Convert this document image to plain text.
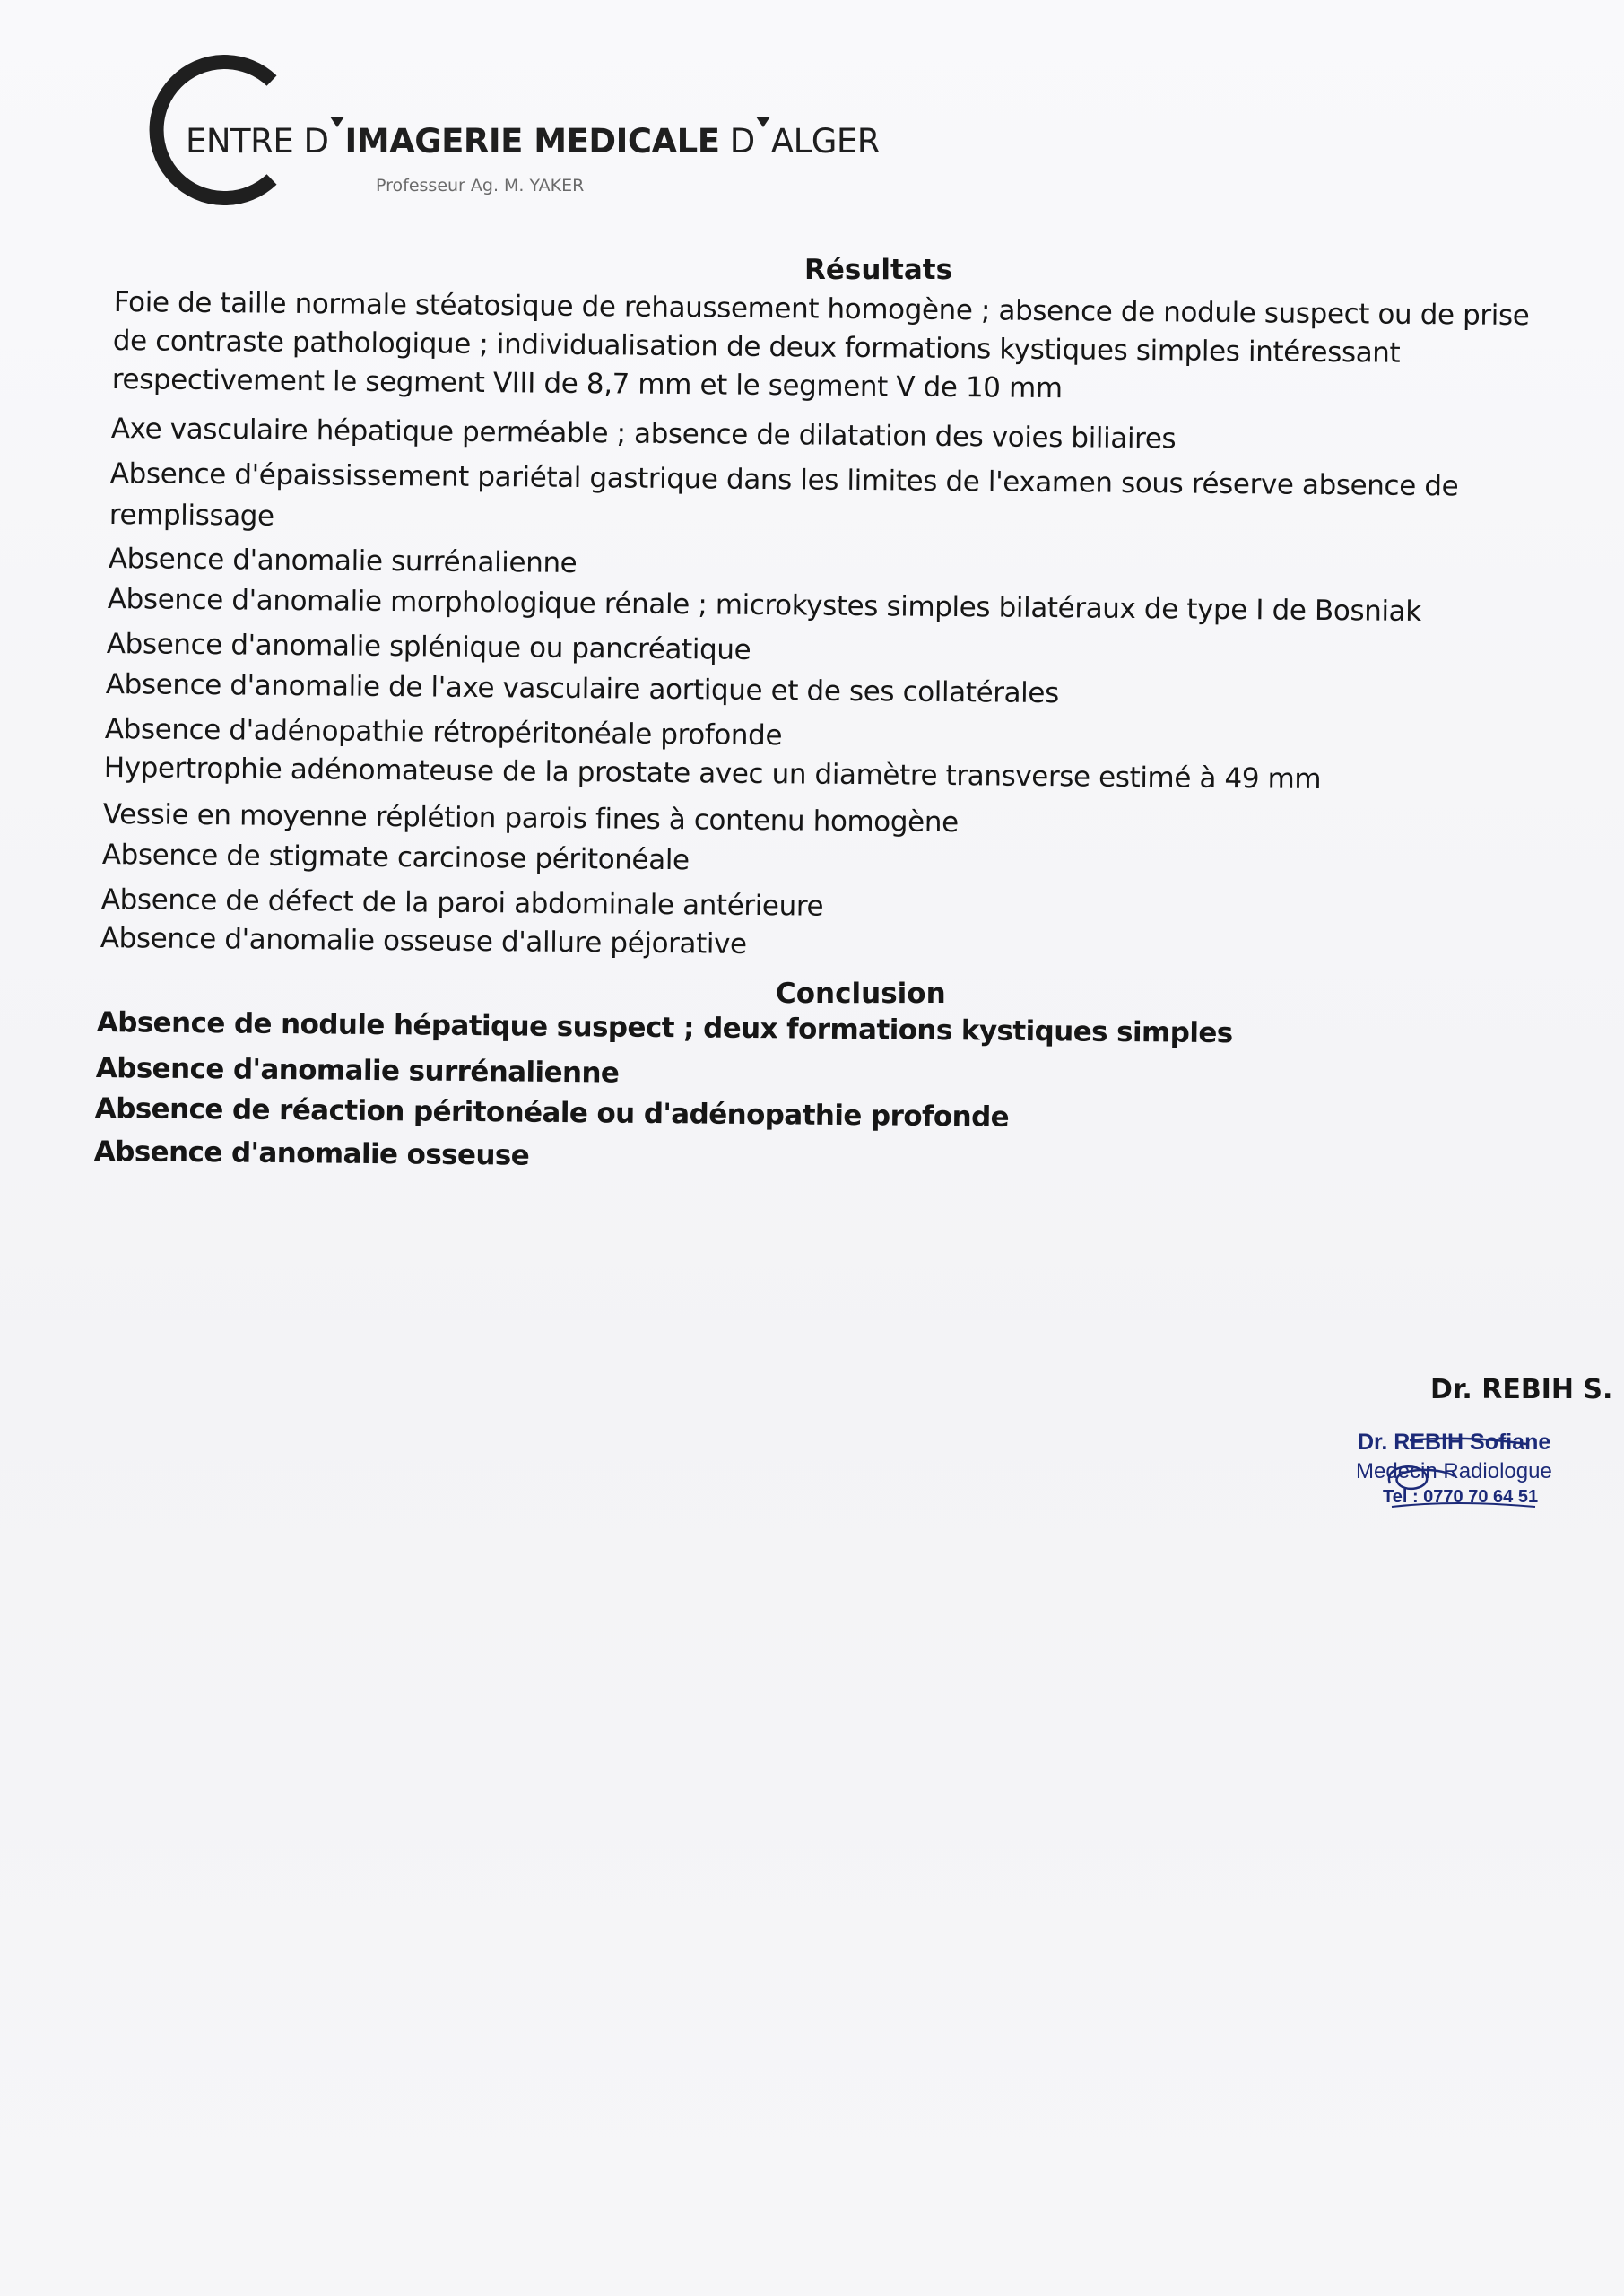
ENTRE D IMAGERIE MEDICALE D ALGER
Professeur Ag. M. YAKER
Résultats
Foie de taille normale stéatosique de rehaussement homogène ; absence de nodule suspect ou de prise
de contraste pathologique ; individualisation de deux formations kystiques simples intéressant
respectivement le segment VIII de 8,7 mm et le segment V de 10 mm
Axe vasculaire hépatique perméable ; absence de dilatation des voies biliaires
Absence d'épaississement pariétal gastrique dans les limites de l'examen sous réserve absence de
remplissage
Absence d'anomalie surrénalienne
Absence d'anomalie morphologique rénale ; microkystes simples bilatéraux de type I de Bosniak
Absence d'anomalie splénique ou pancréatique
Absence d'anomalie de l'axe vasculaire aortique et de ses collatérales
Absence d'adénopathie rétropéritonéale profonde
Hypertrophie adénomateuse de la prostate avec un diamètre transverse estimé à 49 mm
Vessie en moyenne réplétion parois fines à contenu homogène
Absence de stigmate carcinose péritonéale
Absence de défect de la paroi abdominale antérieure
Absence d'anomalie osseuse d'allure péjorative
Conclusion
Absence de nodule hépatique suspect ; deux formations kystiques simples
Absence d'anomalie surrénalienne
Absence de réaction péritonéale ou d'adénopathie profonde
Absence d'anomalie osseuse
Dr. REBIH S.
Dr. REBIH Sofiane
Medecin Radiologue
Tel : 0770 70 64 51
